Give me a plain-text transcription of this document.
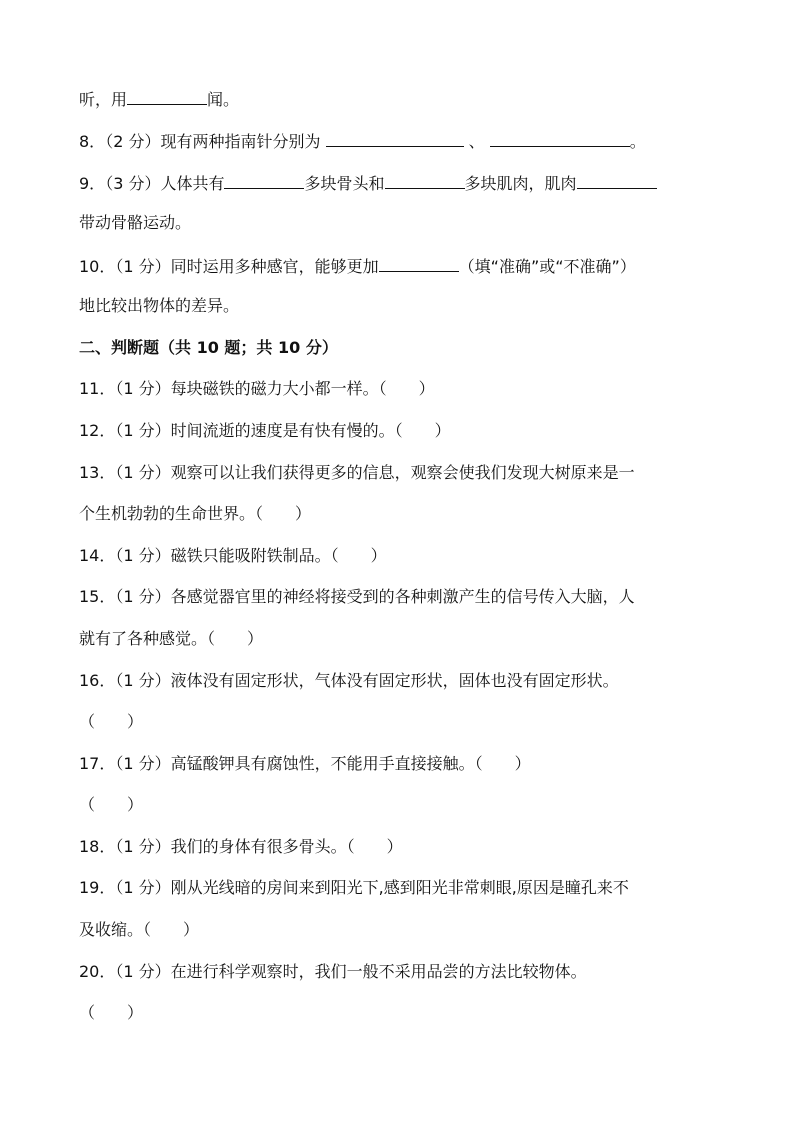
听，用	闻。
8．（2 分）现有两种指南针分别为	、	。
9．（3 分）人体共有	多块骨头和	多块肌肉，肌肉
带动骨骼运动。
10．（1 分）同时运用多种感官，能够更加	（填“准确”或“不准确”）
地比较出物体的差异。
二、判断题（共 10 题；共 10 分）
11．（1 分）每块磁铁的磁力大小都一样。（　　）
12．（1 分）时间流逝的速度是有快有慢的。（　　）
13．（1 分）观察可以让我们获得更多的信息，观察会使我们发现大树原来是一
个生机勃勃的生命世界。（　　）
14．（1 分）磁铁只能吸附铁制品。（　　）
15．（1 分）各感觉器官里的神经将接受到的各种刺激产生的信号传入大脑，人
就有了各种感觉。（　　）
16．（1 分）液体没有固定形状，气体没有固定形状，固体也没有固定形状。
（　　）
17．（1 分）高锰酸钾具有腐蚀性，不能用手直接接触。（　　）
（　　）
18．（1 分）我们的身体有很多骨头。（　　）
19．（1 分）刚从光线暗的房间来到阳光下,感到阳光非常刺眼,原因是瞳孔来不
及收缩。（　　）
20．（1 分）在进行科学观察时，我们一般不采用品尝的方法比较物体。
（　　）
